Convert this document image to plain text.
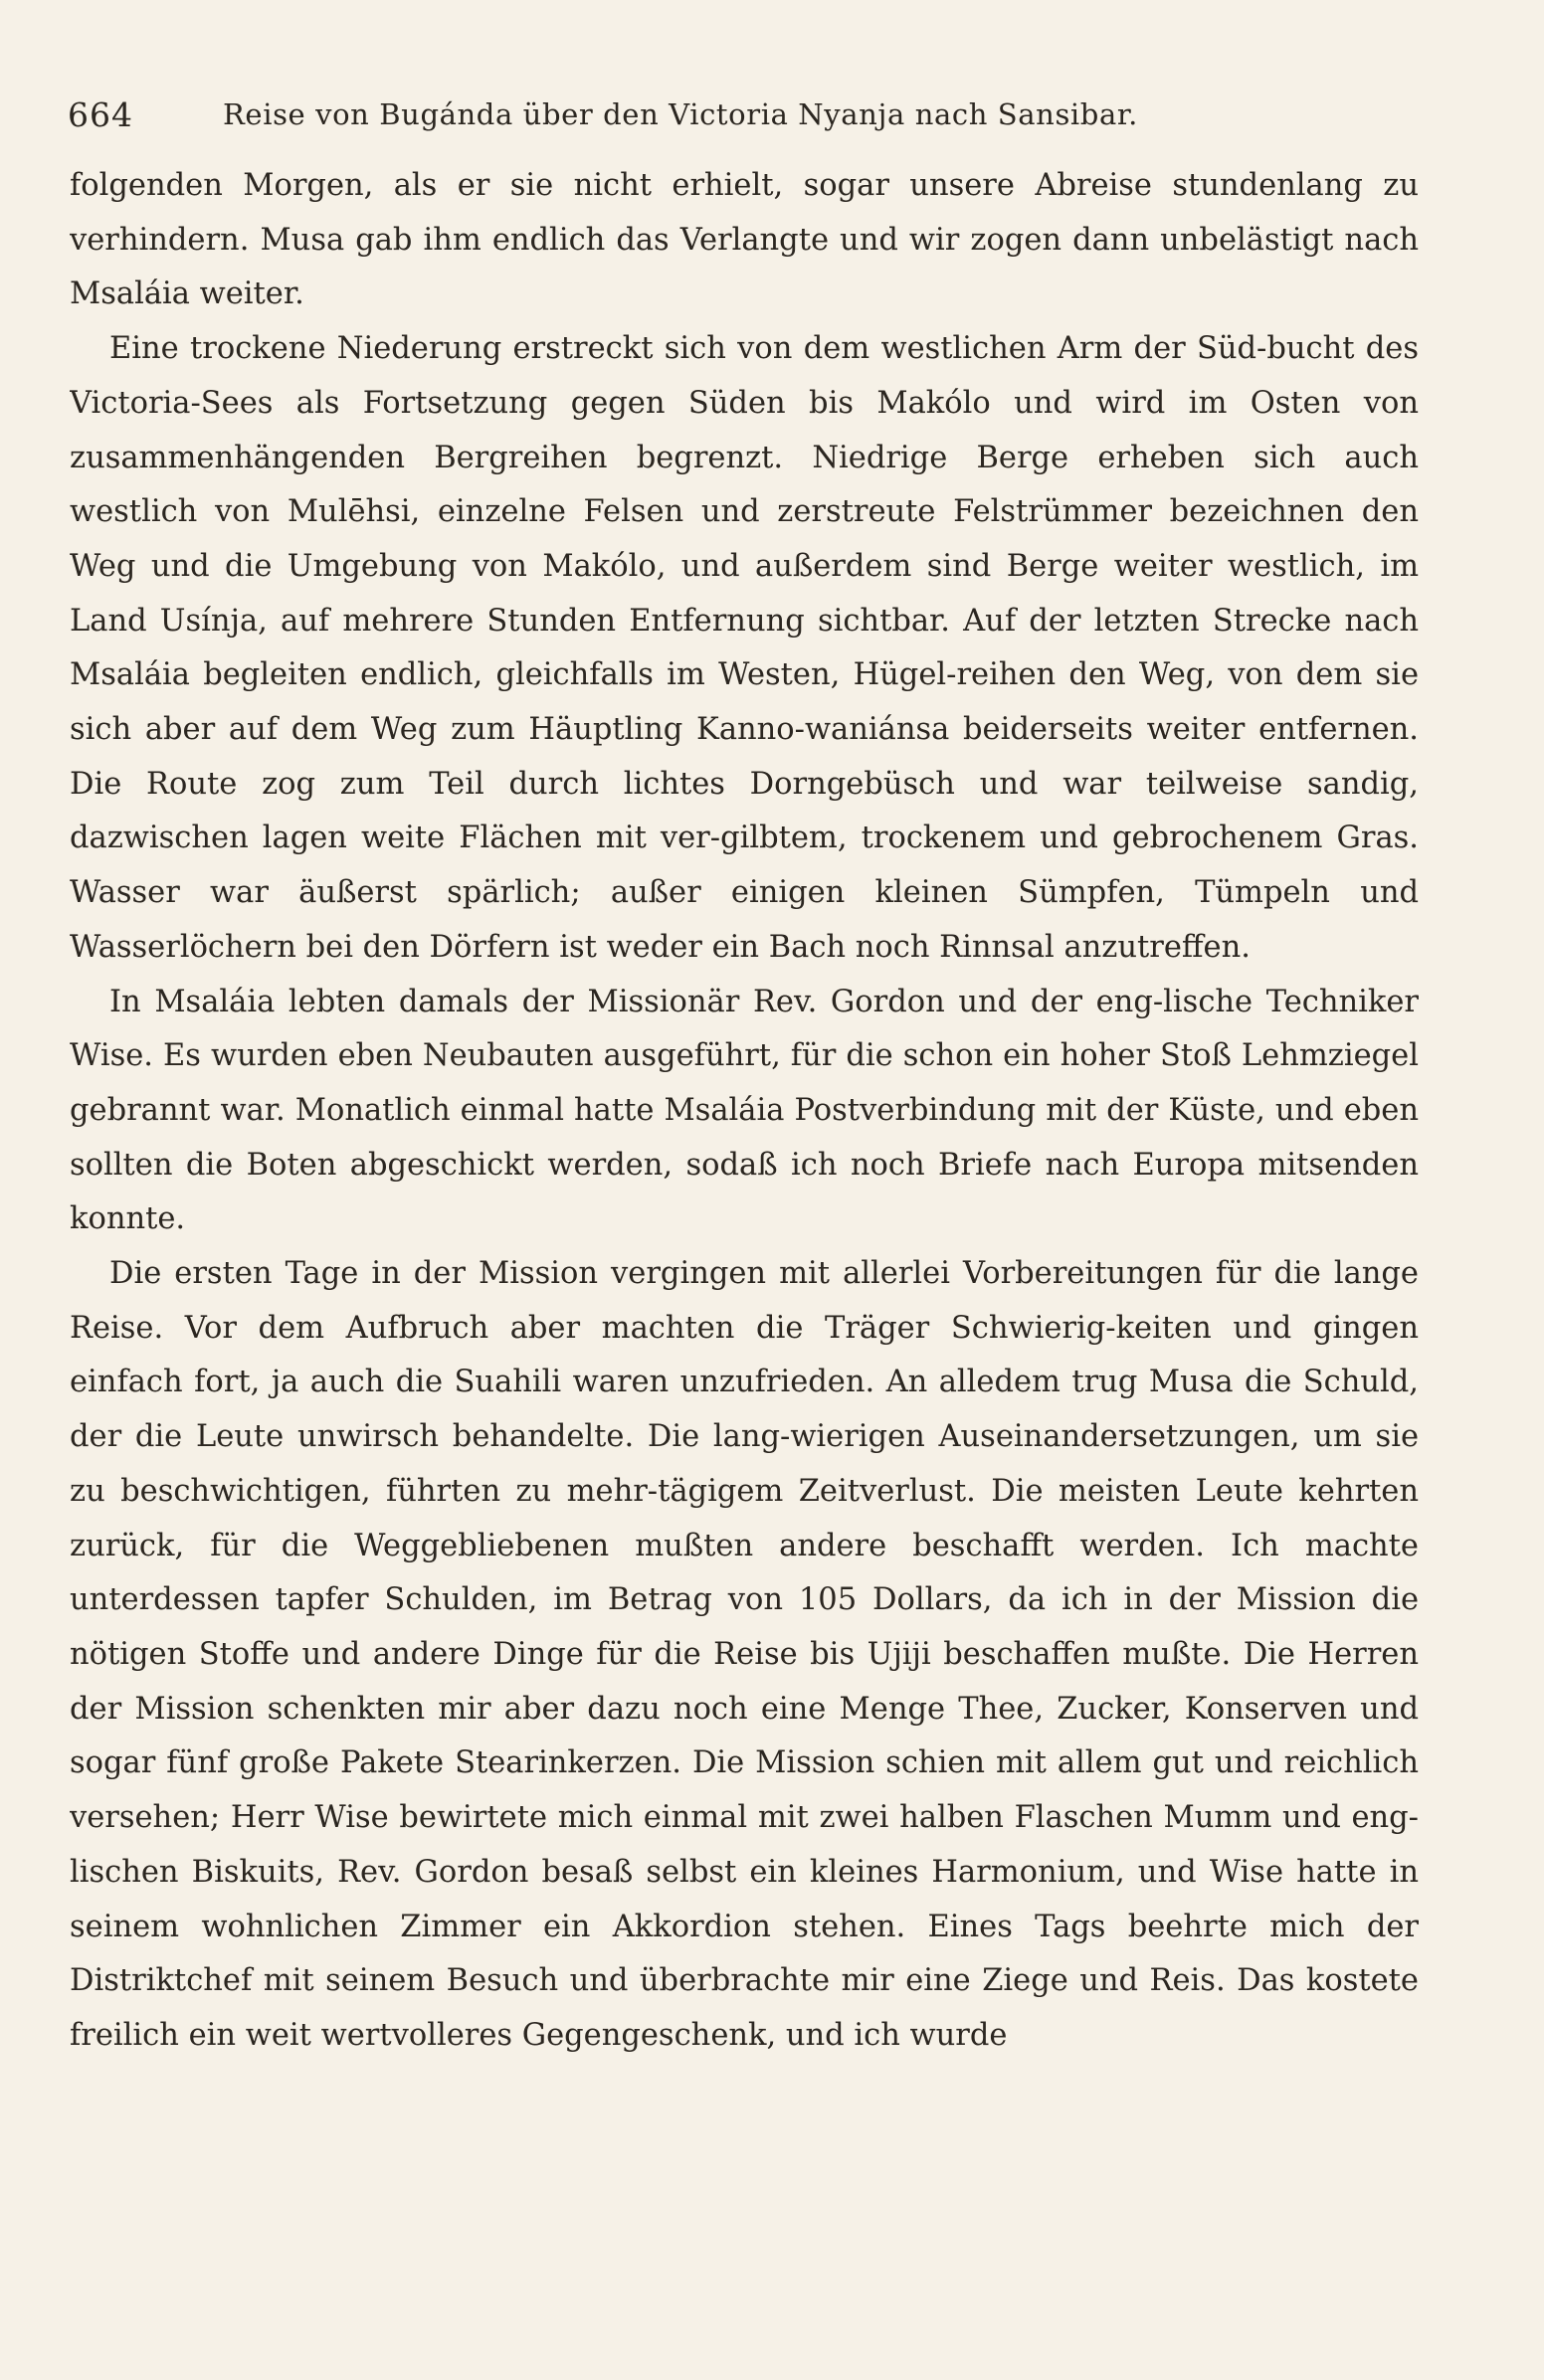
664	Reise von Bugánda über den Victoria Nyanja nach Sansibar.

folgenden Morgen, als er sie nicht erhielt, sogar unsere Abreise stundenlang zu verhindern. Musa gab ihm endlich das Verlangte und wir zogen dann unbelästigt nach Msaláia weiter.

Eine trockene Niederung erstreckt sich von dem westlichen Arm der Süd-bucht des Victoria-Sees als Fortsetzung gegen Süden bis Makólo und wird im Osten von zusammenhängenden Bergreihen begrenzt. Niedrige Berge erheben sich auch westlich von Mulēhsi, einzelne Felsen und zerstreute Felstrümmer bezeichnen den Weg und die Umgebung von Makólo, und außerdem sind Berge weiter westlich, im Land Usínja, auf mehrere Stunden Entfernung sichtbar. Auf der letzten Strecke nach Msaláia begleiten endlich, gleichfalls im Westen, Hügel-reihen den Weg, von dem sie sich aber auf dem Weg zum Häuptling Kanno-waniánsa beiderseits weiter entfernen. Die Route zog zum Teil durch lichtes Dorngebüsch und war teilweise sandig, dazwischen lagen weite Flächen mit ver-gilbtem, trockenem und gebrochenem Gras. Wasser war äußerst spärlich; außer einigen kleinen Sümpfen, Tümpeln und Wasserlöchern bei den Dörfern ist weder ein Bach noch Rinnsal anzutreffen.

In Msaláia lebten damals der Missionär Rev. Gordon und der eng-lische Techniker Wise. Es wurden eben Neubauten ausgeführt, für die schon ein hoher Stoß Lehmziegel gebrannt war. Monatlich einmal hatte Msaláia Postverbindung mit der Küste, und eben sollten die Boten abgeschickt werden, sodaß ich noch Briefe nach Europa mitsenden konnte.

Die ersten Tage in der Mission vergingen mit allerlei Vorbereitungen für die lange Reise. Vor dem Aufbruch aber machten die Träger Schwierig-keiten und gingen einfach fort, ja auch die Suahili waren unzufrieden. An alledem trug Musa die Schuld, der die Leute unwirsch behandelte. Die lang-wierigen Auseinandersetzungen, um sie zu beschwichtigen, führten zu mehr-tägigem Zeitverlust. Die meisten Leute kehrten zurück, für die Weggebliebenen mußten andere beschafft werden. Ich machte unterdessen tapfer Schulden, im Betrag von 105 Dollars, da ich in der Mission die nötigen Stoffe und andere Dinge für die Reise bis Ujiji beschaffen mußte. Die Herren der Mission schenkten mir aber dazu noch eine Menge Thee, Zucker, Konserven und sogar fünf große Pakete Stearinkerzen. Die Mission schien mit allem gut und reichlich versehen; Herr Wise bewirtete mich einmal mit zwei halben Flaschen Mumm und eng-lischen Biskuits, Rev. Gordon besaß selbst ein kleines Harmonium, und Wise hatte in seinem wohnlichen Zimmer ein Akkordion stehen. Eines Tags beehrte mich der Distriktchef mit seinem Besuch und überbrachte mir eine Ziege und Reis. Das kostete freilich ein weit wertvolleres Gegengeschenk, und ich wurde
